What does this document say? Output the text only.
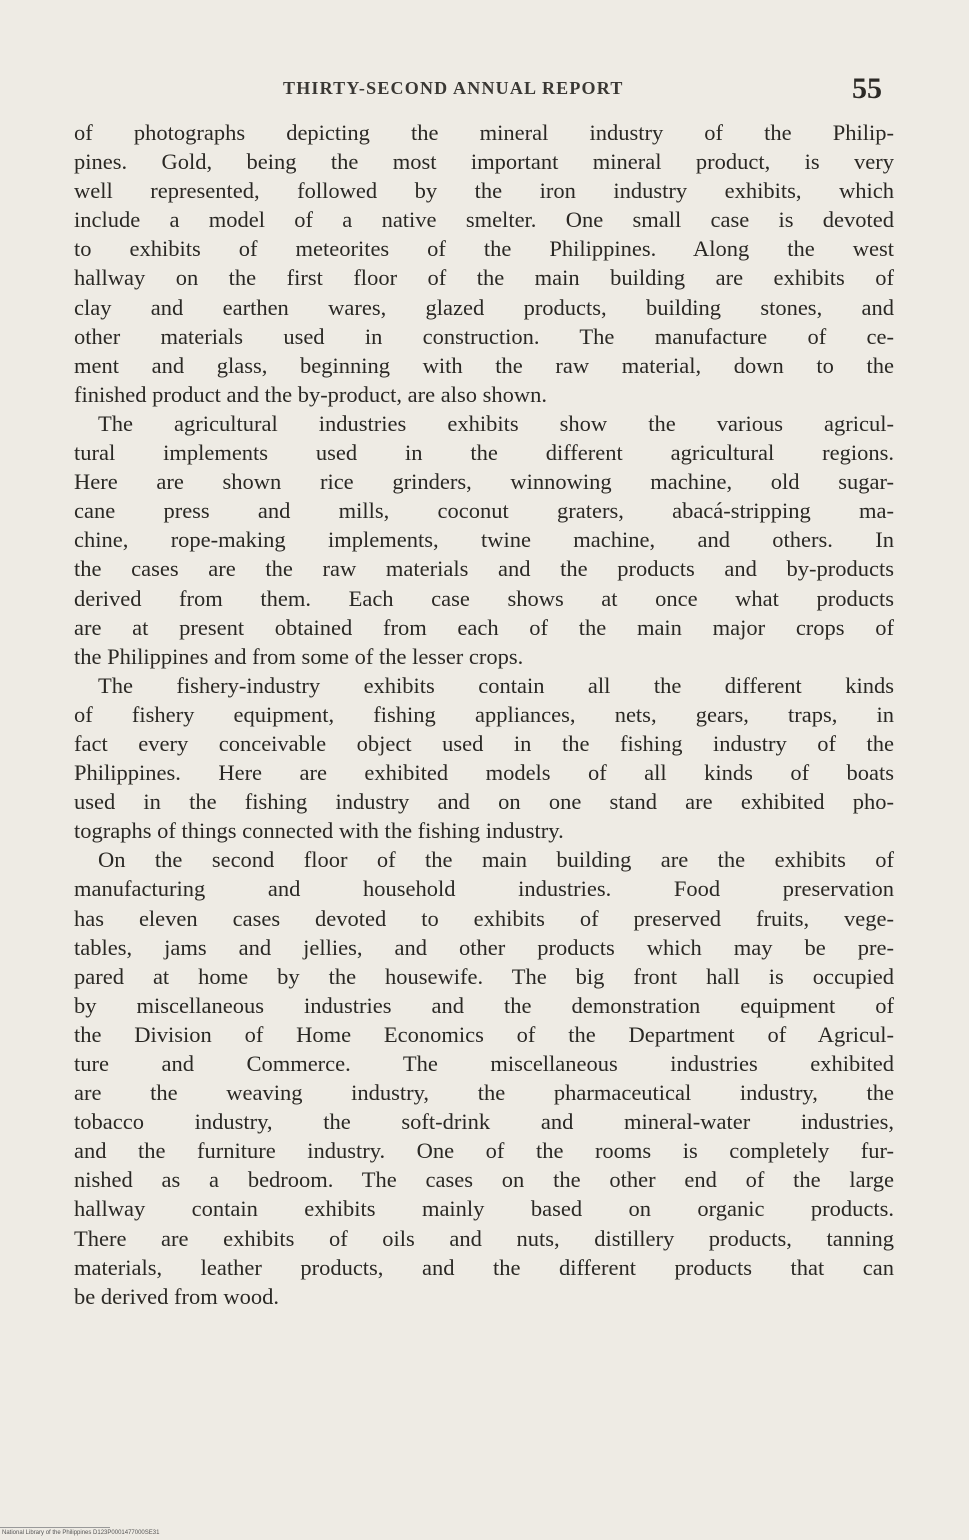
THIRTY-SECOND ANNUAL REPORT	55
of photographs depicting the mineral industry of the Philip-
pines. Gold, being the most important mineral product, is very
well represented, followed by the iron industry exhibits, which
include a model of a native smelter. One small case is devoted
to exhibits of meteorites of the Philippines. Along the west
hallway on the first floor of the main building are exhibits of
clay and earthen wares, glazed products, building stones, and
other materials used in construction. The manufacture of ce-
ment and glass, beginning with the raw material, down to the
finished product and the by-product, are also shown.
The agricultural industries exhibits show the various agricul-
tural implements used in the different agricultural regions.
Here are shown rice grinders, winnowing machine, old sugar-
cane press and mills, coconut graters, abacá-stripping ma-
chine, rope-making implements, twine machine, and others. In
the cases are the raw materials and the products and by-products
derived from them. Each case shows at once what products
are at present obtained from each of the main major crops of
the Philippines and from some of the lesser crops.
The fishery-industry exhibits contain all the different kinds
of fishery equipment, fishing appliances, nets, gears, traps, in
fact every conceivable object used in the fishing industry of the
Philippines. Here are exhibited models of all kinds of boats
used in the fishing industry and on one stand are exhibited pho-
tographs of things connected with the fishing industry.
On the second floor of the main building are the exhibits of
manufacturing and household industries. Food preservation
has eleven cases devoted to exhibits of preserved fruits, vege-
tables, jams and jellies, and other products which may be pre-
pared at home by the housewife. The big front hall is occupied
by miscellaneous industries and the demonstration equipment of
the Division of Home Economics of the Department of Agricul-
ture and Commerce. The miscellaneous industries exhibited
are the weaving industry, the pharmaceutical industry, the
tobacco industry, the soft-drink and mineral-water industries,
and the furniture industry. One of the rooms is completely fur-
nished as a bedroom. The cases on the other end of the large
hallway contain exhibits mainly based on organic products.
There are exhibits of oils and nuts, distillery products, tanning
materials, leather products, and the different products that can
be derived from wood.
National Library of the Philippines D123P0001477000SE31
